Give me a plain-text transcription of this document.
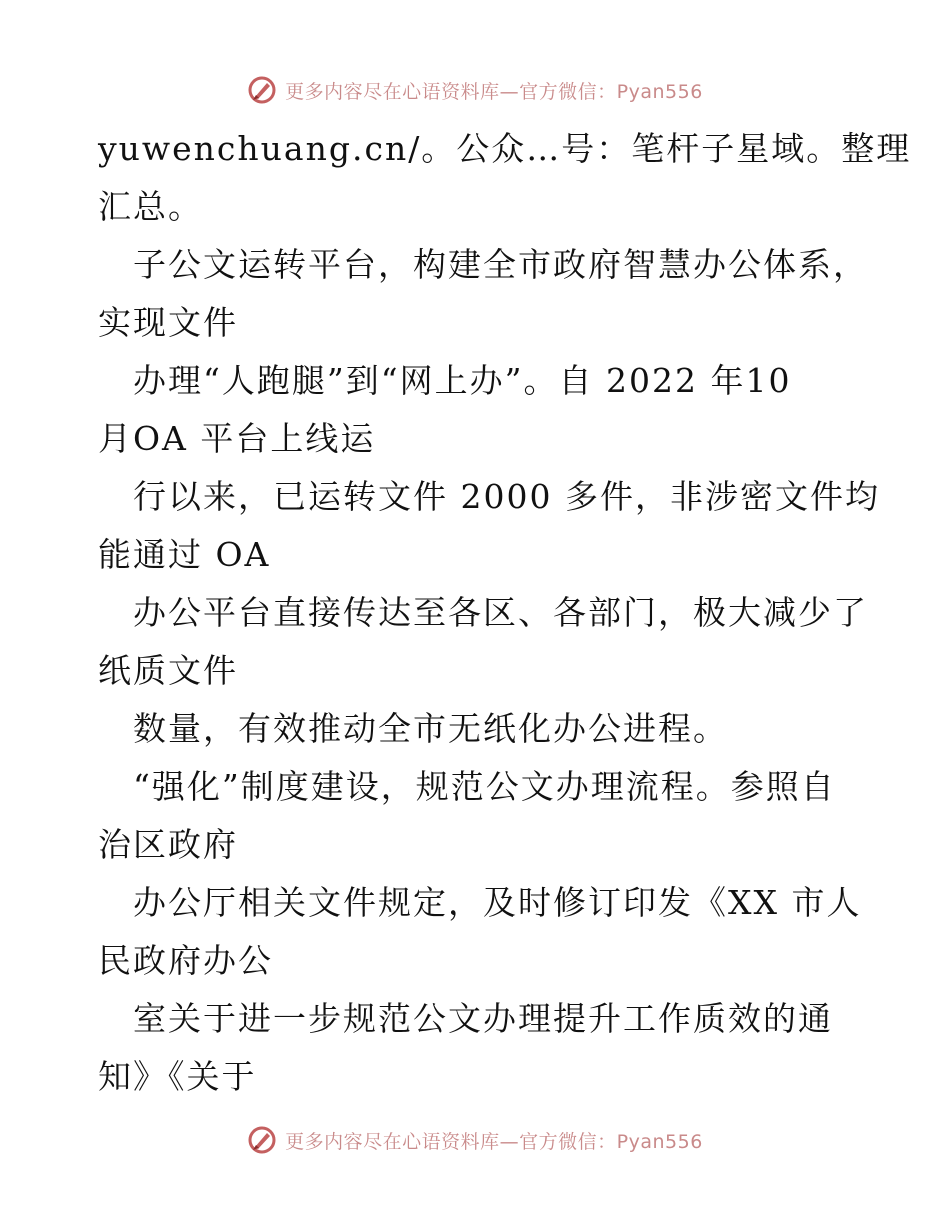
更多内容尽在心语资料库—官方微信：Pyan556
yuwenchuang.cn/。公众…号：笔杆子星域。整理
汇总。
　子公文运转平台，构建全市政府智慧办公体系，
实现文件
　办理“人跑腿”到“网上办”。自 2022 年10
月OA 平台上线运
　行以来，已运转文件 2000 多件，非涉密文件均
能通过 OA
　办公平台直接传达至各区、各部门，极大减少了
纸质文件
　数量，有效推动全市无纸化办公进程。
　“强化”制度建设，规范公文办理流程。参照自
治区政府
　办公厅相关文件规定，及时修订印发《XX 市人
民政府办公
　室关于进一步规范公文办理提升工作质效的通
知》《关于
更多内容尽在心语资料库—官方微信：Pyan556
